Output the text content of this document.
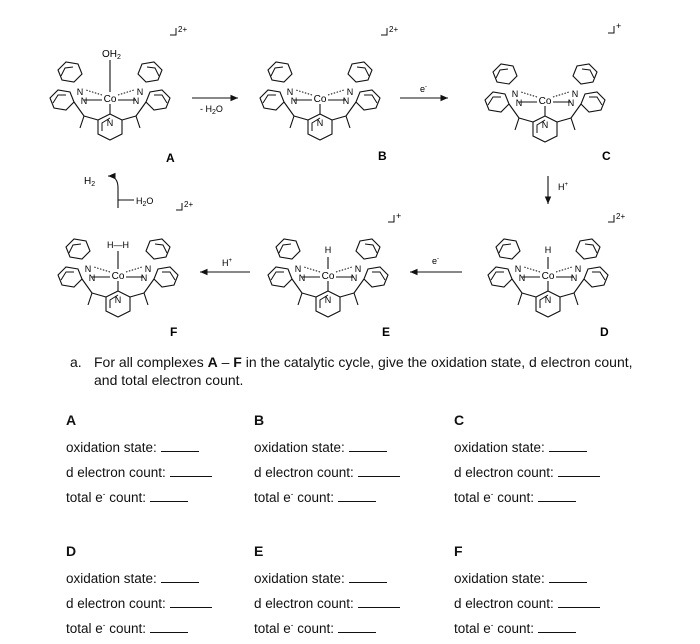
Co
N	N
N	N
N
$OH_2$
2+
A
- $H_2O$
Co
N	N
N	N
N
2+
B
e-
Co
N	N
N	N
N
+
C
H+
Co
H
N	N
N	N
N
2+
D
e-
Co
H
N	N
N	N
N
+
E
H+
Co
H—H
N	N
N	N
N
2+
F
$H_2$
$H_2O$
a. For all complexes A – F in the catalytic cycle, give the oxidation state, d electron count, and total electron count.
A
oxidation state:
d electron count:
total e- count:
B
oxidation state:
d electron count:
total e- count:
C
oxidation state:
d electron count:
total e- count:
D
oxidation state:
d electron count:
total e- count:
E
oxidation state:
d electron count:
total e- count:
F
oxidation state:
d electron count:
total e- count:
